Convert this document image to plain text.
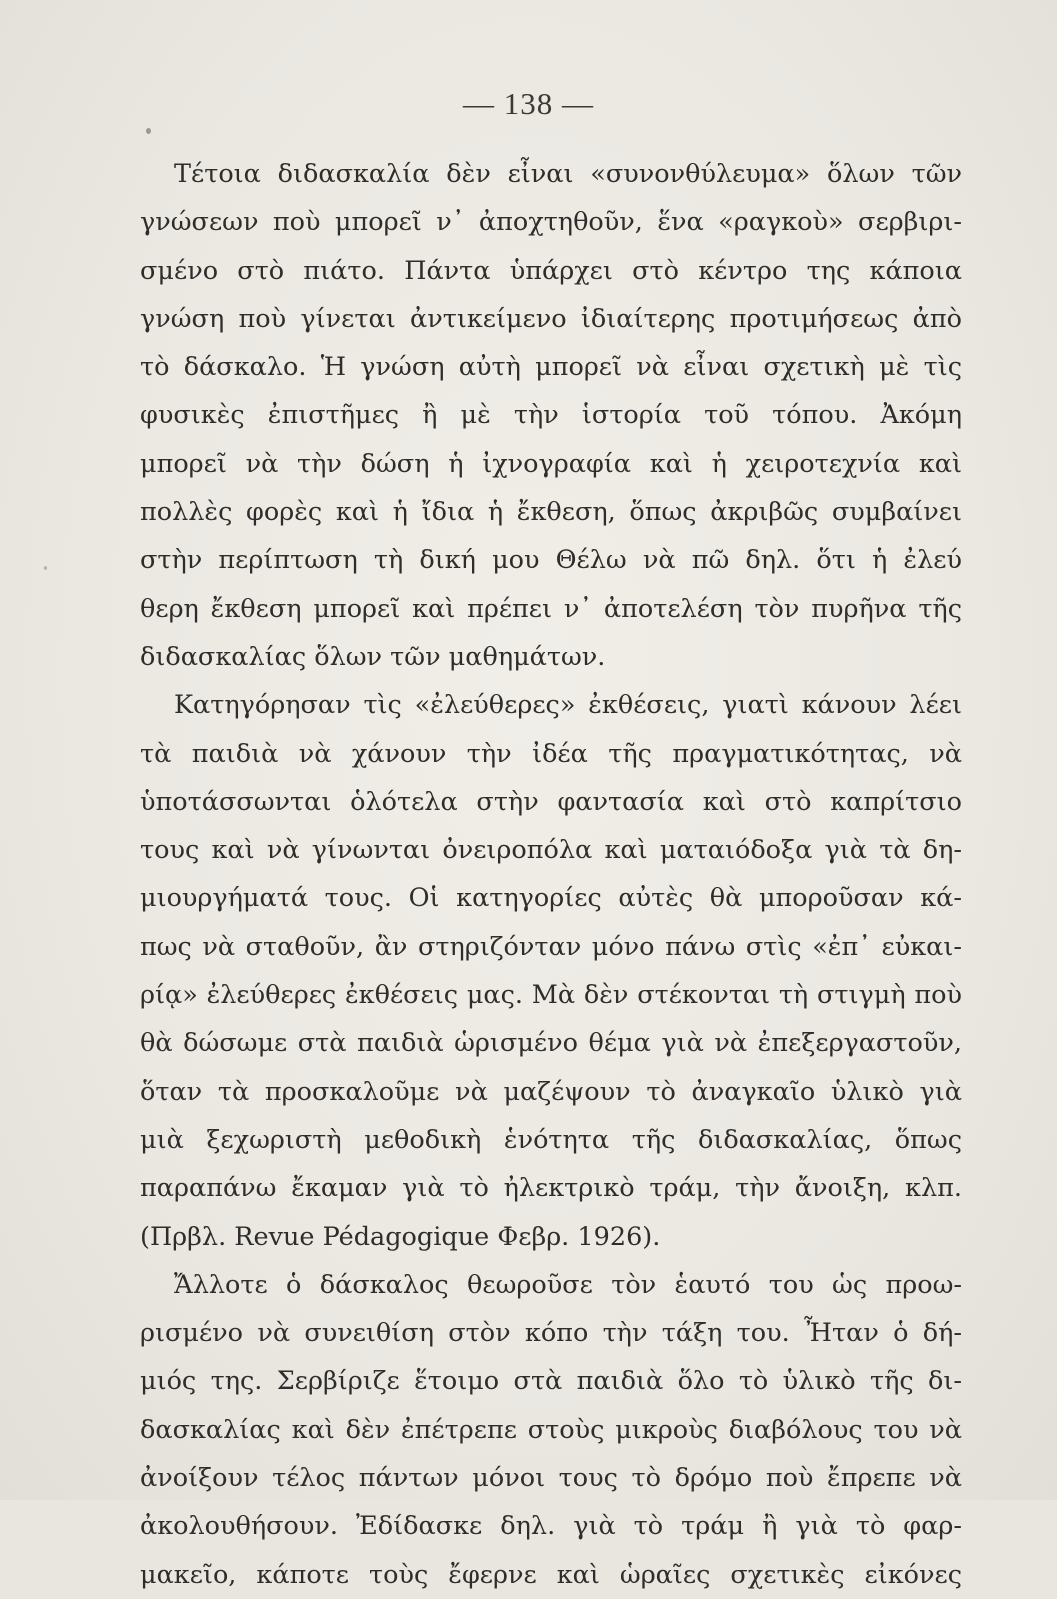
— 138 —
Τέτοια διδασκαλία δὲν εἶναι «συνονθύλευμα» ὅλων τῶν
γνώσεων ποὺ μπορεῖ ν᾿ ἀποχτηθοῦν, ἕνα «ραγκοὺ» σερβιρι-
σμένο στὸ πιάτο. Πάντα ὑπάρχει στὸ κέντρο της κάποια
γνώση ποὺ γίνεται ἀντικείμενο ἰδιαίτερης προτιμήσεως ἀπὸ
τὸ δάσκαλο. Ἡ γνώση αὐτὴ μπορεῖ νὰ εἶναι σχετικὴ μὲ τὶς
φυσικὲς ἐπιστῆμες ἢ μὲ τὴν ἱστορία τοῦ τόπου. Ἀκόμη
μπορεῖ νὰ τὴν δώση ἡ ἰχνογραφία καὶ ἡ χειροτεχνία καὶ
πολλὲς φορὲς καὶ ἡ ἴδια ἡ ἔκθεση, ὅπως ἀκριβῶς συμβαίνει
στὴν περίπτωση τὴ δική μου Θέλω νὰ πῶ δηλ. ὅτι ἡ ἐλεύ
θερη ἔκθεση μπορεῖ καὶ πρέπει ν᾿ ἀποτελέση τὸν πυρῆνα τῆς
διδασκαλίας ὅλων τῶν μαθημάτων.
Κατηγόρησαν τὶς «ἐλεύθερες» ἐκθέσεις, γιατὶ κάνουν λέει
τὰ παιδιὰ νὰ χάνουν τὴν ἰδέα τῆς πραγματικότητας, νὰ
ὑποτάσσωνται ὁλότελα στὴν φαντασία καὶ στὸ καπρίτσιο
τους καὶ νὰ γίνωνται ὀνειροπόλα καὶ ματαιόδοξα γιὰ τὰ δη-
μιουργήματά τους. Οἱ κατηγορίες αὐτὲς θὰ μποροῦσαν κά-
πως νὰ σταθοῦν, ἂν στηριζόνταν μόνο πάνω στὶς «ἐπ᾿ εὐκαι-
ρίᾳ» ἐλεύθερες ἐκθέσεις μας. Μὰ δὲν στέκονται τὴ στιγμὴ ποὺ
θὰ δώσωμε στὰ παιδιὰ ὡρισμένο θέμα γιὰ νὰ ἐπεξεργαστοῦν,
ὅταν τὰ προσκαλοῦμε νὰ μαζέψουν τὸ ἀναγκαῖο ὑλικὸ γιὰ
μιὰ ξεχωριστὴ μεθοδικὴ ἑνότητα τῆς διδασκαλίας, ὅπως
παραπάνω ἔκαμαν γιὰ τὸ ἠλεκτρικὸ τράμ, τὴν ἄνοιξη, κλπ.
(Πρβλ. Revue Pédagogique Φεβρ. 1926).
Ἄλλοτε ὁ δάσκαλος θεωροῦσε τὸν ἑαυτό του ὡς προω-
ρισμένο νὰ συνειθίση στὸν κόπο τὴν τάξη του. Ἦταν ὁ δή-
μιός της. Σερβίριζε ἕτοιμο στὰ παιδιὰ ὅλο τὸ ὑλικὸ τῆς δι-
δασκαλίας καὶ δὲν ἐπέτρεπε στοὺς μικροὺς διαβόλους του νὰ
ἀνοίξουν τέλος πάντων μόνοι τους τὸ δρόμο ποὺ ἔπρεπε νὰ
ἀκολουθήσουν. Ἐδίδασκε δηλ. γιὰ τὸ τράμ ἢ γιὰ τὸ φαρ-
μακεῖο, κάποτε τοὺς ἔφερνε καὶ ὡραῖες σχετικὲς εἰκόνες
